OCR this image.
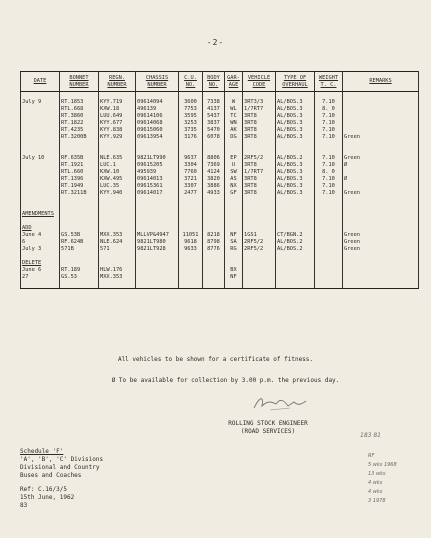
-2-
DATE	BONNET NUMBER	REGN. NUMBER	CHASSIS NUMBER	C.U. NO.	BODY NO.	GAR-AGE	VEHICLE CODE	TYPE OF OVERHAUL	WEIGHT T. C.	REMARKS

July 9	RT.1853	KYY.719	09614094	3600	7338	W	3RT3/3	AL/BOS.3	7.10	
	RTL.668	KXW.18	496139	7753	4137	WL	1/7RT7	AL/BOS.3	8. 0	
	RT.3860	LUU.649	09614106	3595	5437	TC	3RT8	AL/BOS.3	7.10	
	RT.1822	KYY.677	09614068	3253	3837	WN	3RT8	AL/BOS.3	7.10	
	RT.4235	KYY.838	09615060	3735	5470	AK	3RT8	AL/BOS.3	7.10	
	RT.3200B	KYY.929	09613954	3176	6078	DG	3RT8	AL/BOS.3	7.10	Green

July 10	RF.635B	NLE.635	9821LT990	9637	8806	EP	2RF5/2	AL/BOS.2	7.10	Green
	RT.1921	LUC.1	09615205	3304	7369	U	3RT8	AL/BOS.3	7.10	Ø
	RTL.660	KXW.10	495939	7760	4124	SW	1/7RT7	AL/BOS.3	8. 0	
	RT.1396	KXW.495	09614013	3721	3820	AS	3RT8	AL/BOS.3	7.10	Ø
	RT.1949	LUC.35	09615361	3307	3886	NX	3RT8	AL/BOS.3	7.10	
	RT.3211B	KYY.940	09614017	2477	4933	GF	3RT8	AL/BOS.3	7.10	Green

AMENDMENTS										

ADD										
June 4	GS.53B	MXX.353	MLLVP&4947	11051	8218	NF	1GS1	CT/BGN.2		Green
6	RF.624B	NLE.624	9821LT980	9618	8798	SA	2RF5/2	AL/BOS.2		Green
July 3	571B	571	9821LT928	9633	8776	RG	2RF5/2	AL/BOS.2		Green

DELETE										
June 6	RT.189	HLW.176				BX				
27	GS.53	MXX.353				NF				

All vehicles to be shown for a certificate of fitness.
Ø To be available for collection by 3.00 p.m. the previous day.
ROLLING STOCK ENGINEER
(ROAD SERVICES)
Schedule 'F'
'A', 'B', 'C' Divisions
Divisional and Country
Buses and Coaches
Ref: C.16/3/5
15th June, 1962
83
183 81
RF
5 wks 1968
13 wks
4 wks
4 wks
3 1978
